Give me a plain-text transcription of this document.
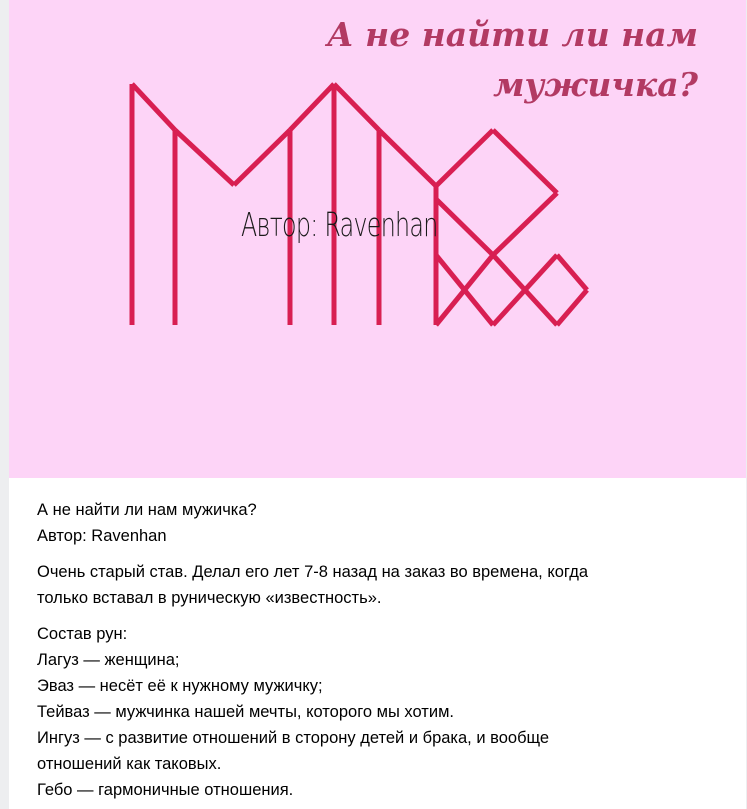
А не найти ли нам
мужичка?
Автор: Ravenhan
А не найти ли нам мужичка?
Автор: Ravenhan
Очень старый став. Делал его лет 7-8 назад на заказ во времена, когда
только вставал в руническую «известность».
Состав рун:
Лагуз — женщина;
Эваз — несёт её к нужному мужичку;
Тейваз — мужчинка нашей мечты, которого мы хотим.
Ингуз — с развитие отношений в сторону детей и брака, и вообще
отношений как таковых.
Гебо — гармоничные отношения.
